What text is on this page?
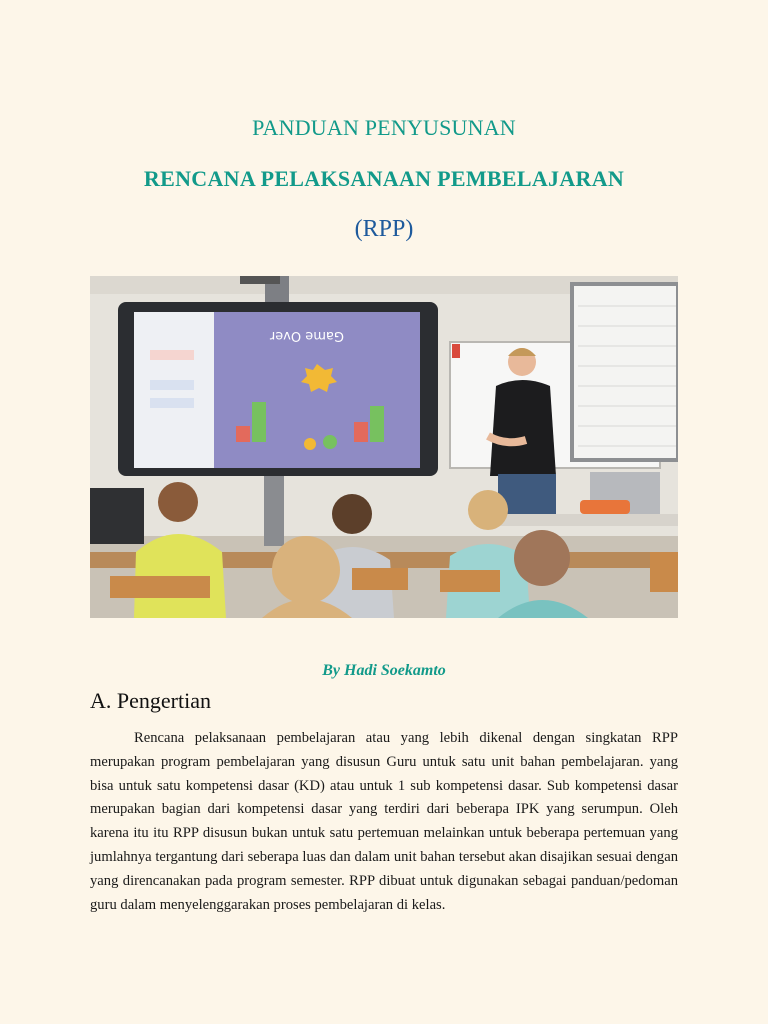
PANDUAN PENYUSUNAN
RENCANA PELAKSANAAN PEMBELAJARAN
(RPP)
Game Over

By Hadi Soekamto

A. Pengertian

Rencana pelaksanaan pembelajaran atau yang lebih dikenal dengan singkatan RPP merupakan program pembelajaran yang disusun Guru untuk satu unit bahan pembelajaran. yang bisa untuk satu kompetensi dasar (KD) atau untuk 1 sub kompetensi dasar. Sub kompetensi dasar merupakan bagian dari kompetensi dasar yang terdiri dari beberapa IPK yang serumpun. Oleh karena itu itu RPP disusun bukan untuk satu pertemuan melainkan untuk beberapa pertemuan yang jumlahnya tergantung dari seberapa luas dan dalam unit bahan tersebut akan disajikan sesuai dengan yang direncanakan pada program semester. RPP dibuat untuk digunakan sebagai panduan/pedoman guru dalam menyelenggarakan proses pembelajaran di kelas.
